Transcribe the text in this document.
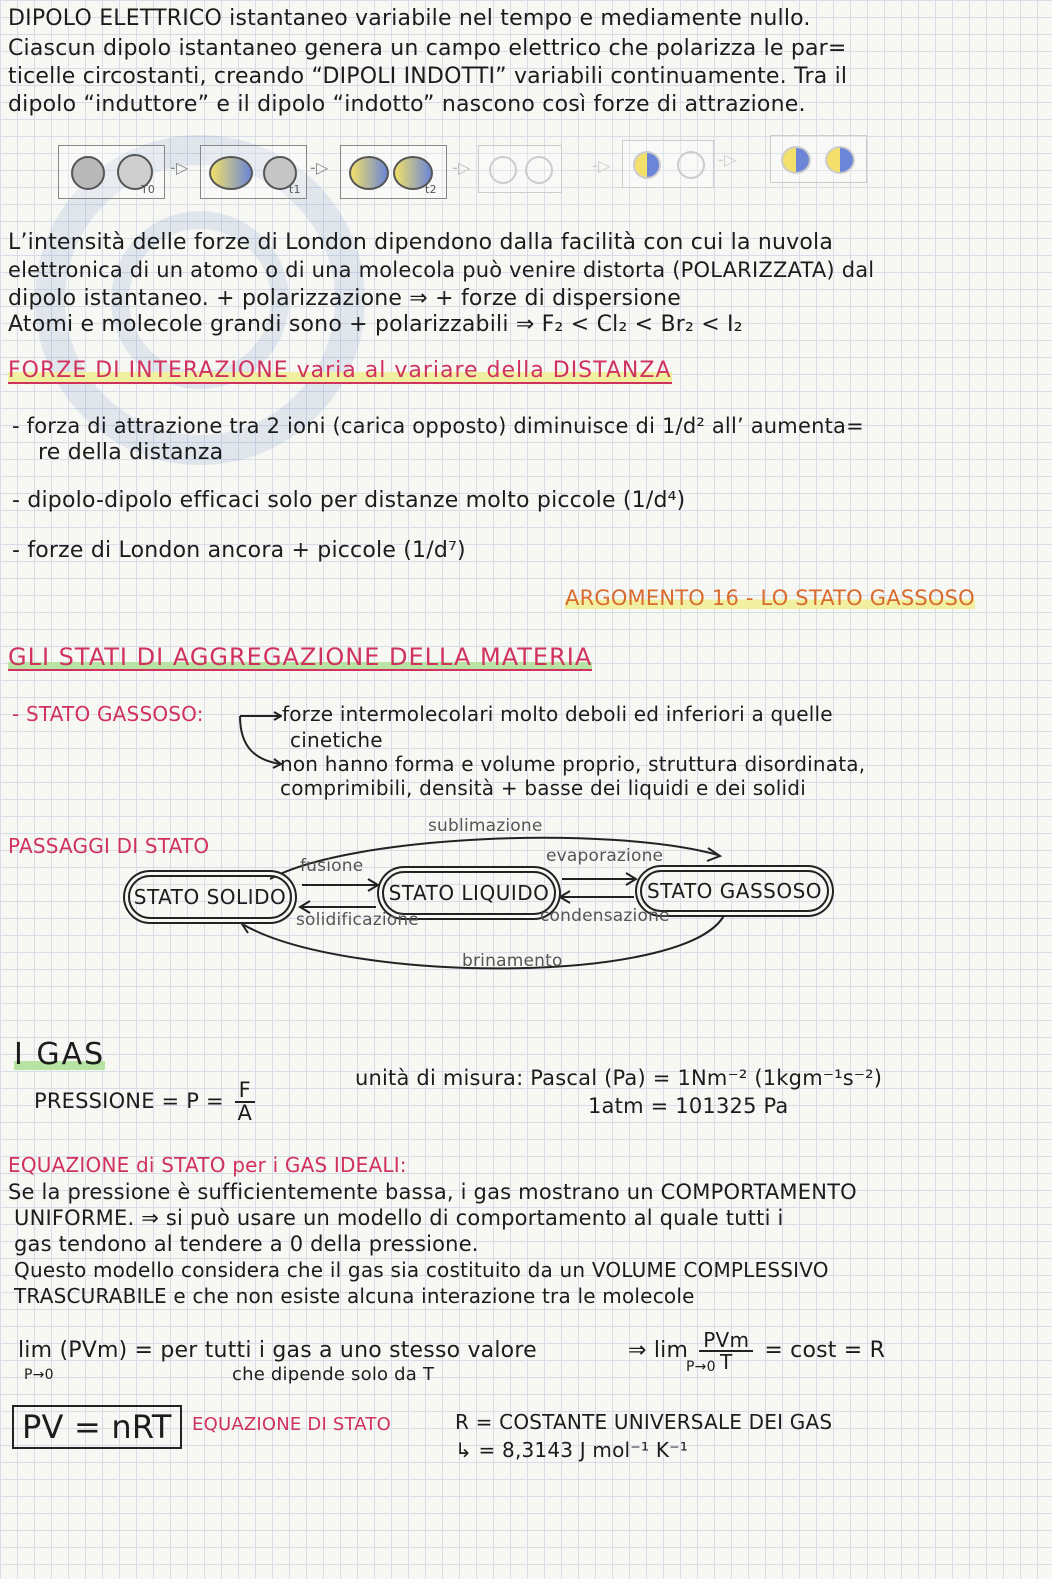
DIPOLO ELETTRICO istantaneo variabile nel tempo e mediamente nullo.
Ciascun dipolo istantaneo genera un campo elettrico che polarizza le par=
ticelle circostanti, creando “DIPOLI INDOTTI” variabili continuamente. Tra il
dipolo “induttore” e il dipolo “indotto” nascono così forze di attrazione.
T0
-▷
t1
-▷
t2
-▷	-▷	-▷
L’intensità delle forze di London dipendono dalla facilità con cui la nuvola
elettronica di un atomo o di una molecola può venire distorta (POLARIZZATA) dal
dipolo istantaneo. + polarizzazione ⇒ + forze di dispersione
Atomi e molecole grandi sono + polarizzabili ⇒ F₂ < Cl₂ < Br₂ < I₂
FORZE DI INTERAZIONE varia al variare della DISTANZA
- forza di attrazione tra 2 ioni (carica opposto) diminuisce di 1/d² all’ aumenta=
re della distanza
- dipolo-dipolo efficaci solo per distanze molto piccole (1/d⁴)
- forze di London ancora + piccole (1/d⁷)
ARGOMENTO 16 - LO STATO GASSOSO
GLI STATI DI AGGREGAZIONE DELLA MATERIA
- STATO GASSOSO:	forze intermolecolari molto deboli ed inferiori a quelle
cinetiche
non hanno forma e volume proprio, struttura disordinata,
comprimibili, densità + basse dei liquidi e dei solidi
PASSAGGI DI STATO
STATO SOLIDO	STATO LIQUIDO	STATO GASSOSO
sublimazione
fusione
solidificazione
evaporazione
condensazione
brinamento
I GAS
PRESSIONE = $P = \frac{F}{A}$
unità di misura: Pascal (Pa) = 1Nm⁻² (1kgm⁻¹s⁻²)
1atm = 101325 Pa
EQUAZIONE di STATO per i GAS IDEALI:
Se la pressione è sufficientemente bassa, i gas mostrano un COMPORTAMENTO
UNIFORME. ⇒ si può usare un modello di comportamento al quale tutti i
gas tendono al tendere a 0 della pressione.
Questo modello considera che il gas sia costituito da un VOLUME COMPLESSIVO
TRASCURABILE e che non esiste alcuna interazione tra le molecole
lim (PVm) = per tutti i gas a uno stesso valore
P→0	che dipende solo da T
⇒ $\lim \frac{\text{PVm}}{T} = \cos t = R$
P→0
PV = nRT	EQUAZIONE DI STATO	R = COSTANTE UNIVERSALE DEI GAS
↳ = 8,3143 J mol⁻¹ K⁻¹
